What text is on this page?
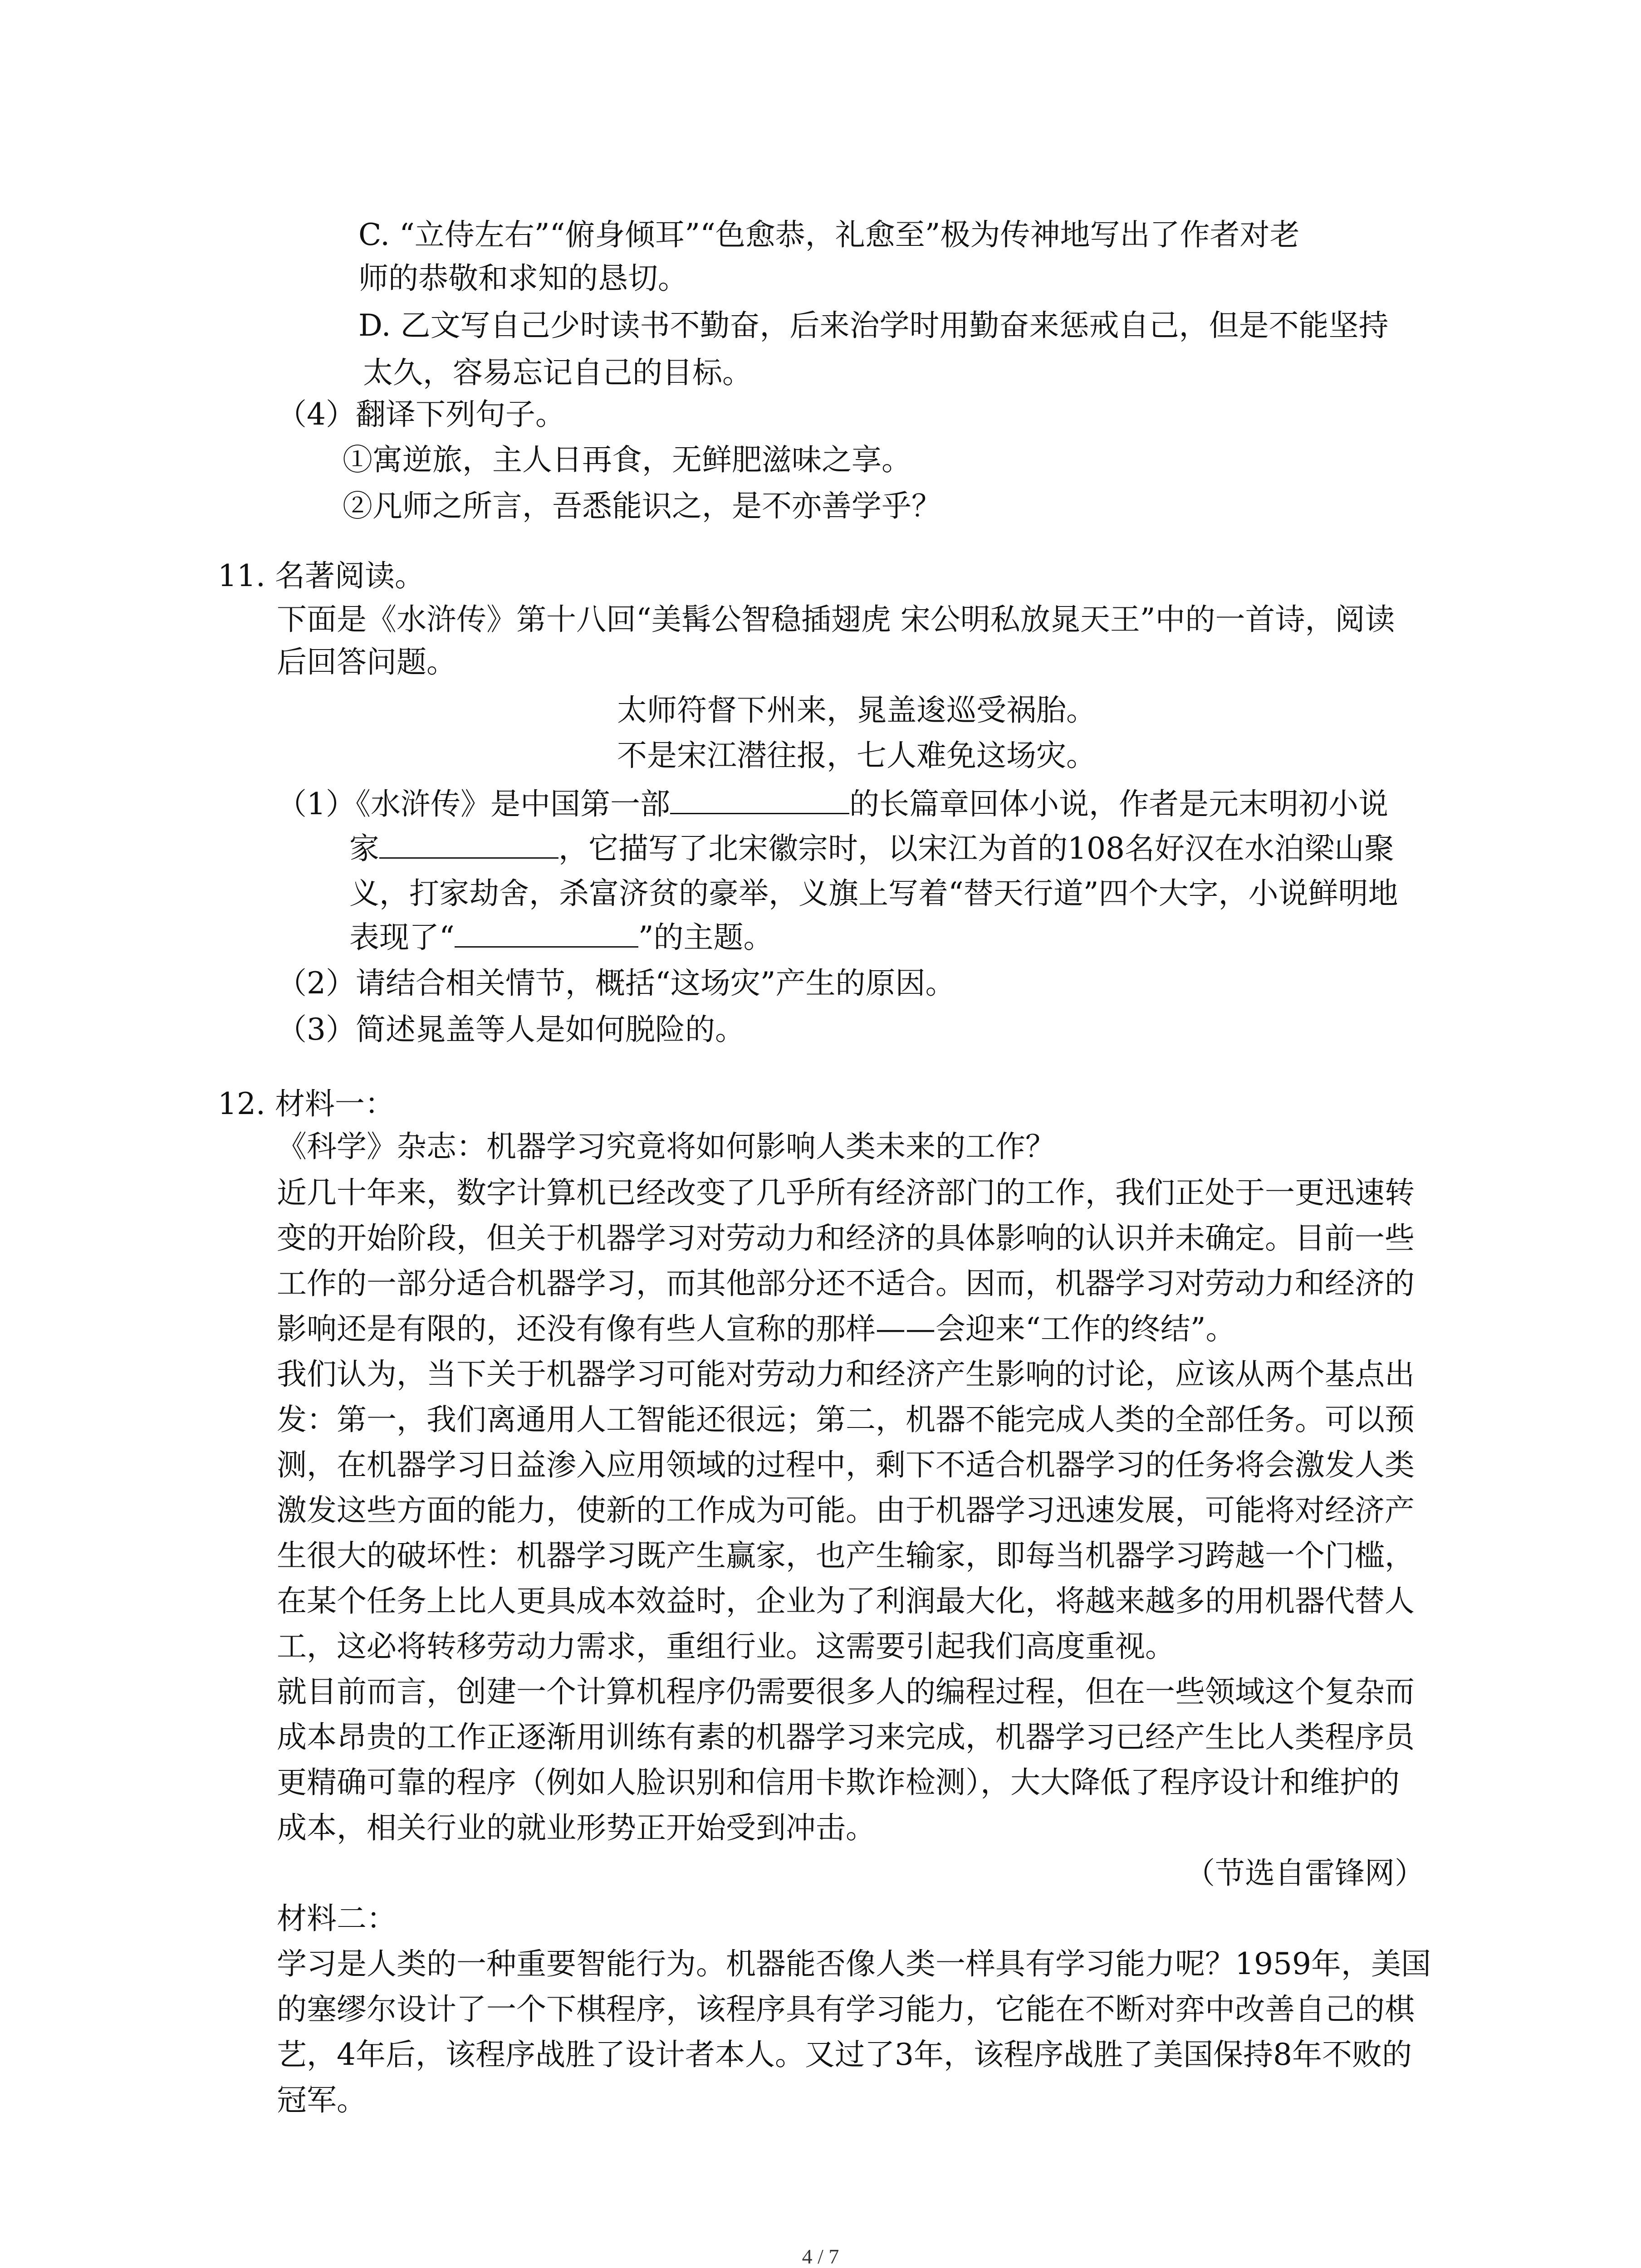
C. “立侍左右”“俯身倾耳”“色愈恭，礼愈至”极为传神地写出了作者对老
师的恭敬和求知的恳切。
D. 乙文写自己少时读书不勤奋，后来治学时用勤奋来惩戒自己，但是不能坚持
太久，容易忘记自己的目标。
（4）翻译下列句子。
①寓逆旅，主人日再食，无鲜肥滋味之享。
②凡师之所言，吾悉能识之，是不亦善学乎？
11. 名著阅读。
下面是《水浒传》第十八回“美髯公智稳插翅虎 宋公明私放晁天王”中的一首诗，阅读
后回答问题。
太师符督下州来，晁盖逡巡受祸胎。
不是宋江潜往报，七人难免这场灾。
（1）《水浒传》是中国第一部	的长篇章回体小说，作者是元末明初小说
家	，它描写了北宋徽宗时，以宋江为首的108名好汉在水泊梁山聚
义，打家劫舍，杀富济贫的豪举，义旗上写着“替天行道”四个大字，小说鲜明地
表现了“	”的主题。
（2）请结合相关情节，概括“这场灾”产生的原因。
（3）简述晁盖等人是如何脱险的。
12. 材料一：
《科学》杂志：机器学习究竟将如何影响人类未来的工作？
近几十年来，数字计算机已经改变了几乎所有经济部门的工作，我们正处于一更迅速转
变的开始阶段，但关于机器学习对劳动力和经济的具体影响的认识并未确定。目前一些
工作的一部分适合机器学习，而其他部分还不适合。因而，机器学习对劳动力和经济的
影响还是有限的，还没有像有些人宣称的那样——会迎来“工作的终结”。
我们认为，当下关于机器学习可能对劳动力和经济产生影响的讨论，应该从两个基点出
发：第一，我们离通用人工智能还很远；第二，机器不能完成人类的全部任务。可以预
测，在机器学习日益渗入应用领域的过程中，剩下不适合机器学习的任务将会激发人类
激发这些方面的能力，使新的工作成为可能。由于机器学习迅速发展，可能将对经济产
生很大的破坏性：机器学习既产生赢家，也产生输家，即每当机器学习跨越一个门槛，
在某个任务上比人更具成本效益时，企业为了利润最大化，将越来越多的用机器代替人
工，这必将转移劳动力需求，重组行业。这需要引起我们高度重视。
就目前而言，创建一个计算机程序仍需要很多人的编程过程，但在一些领域这个复杂而
成本昂贵的工作正逐渐用训练有素的机器学习来完成，机器学习已经产生比人类程序员
更精确可靠的程序（例如人脸识别和信用卡欺诈检测），大大降低了程序设计和维护的
成本，相关行业的就业形势正开始受到冲击。
（节选自雷锋网）
材料二：
学习是人类的一种重要智能行为。机器能否像人类一样具有学习能力呢？1959年，美国
的塞缪尔设计了一个下棋程序，该程序具有学习能力，它能在不断对弈中改善自己的棋
艺，4年后，该程序战胜了设计者本人。又过了3年，该程序战胜了美国保持8年不败的
冠军。
4 / 7
